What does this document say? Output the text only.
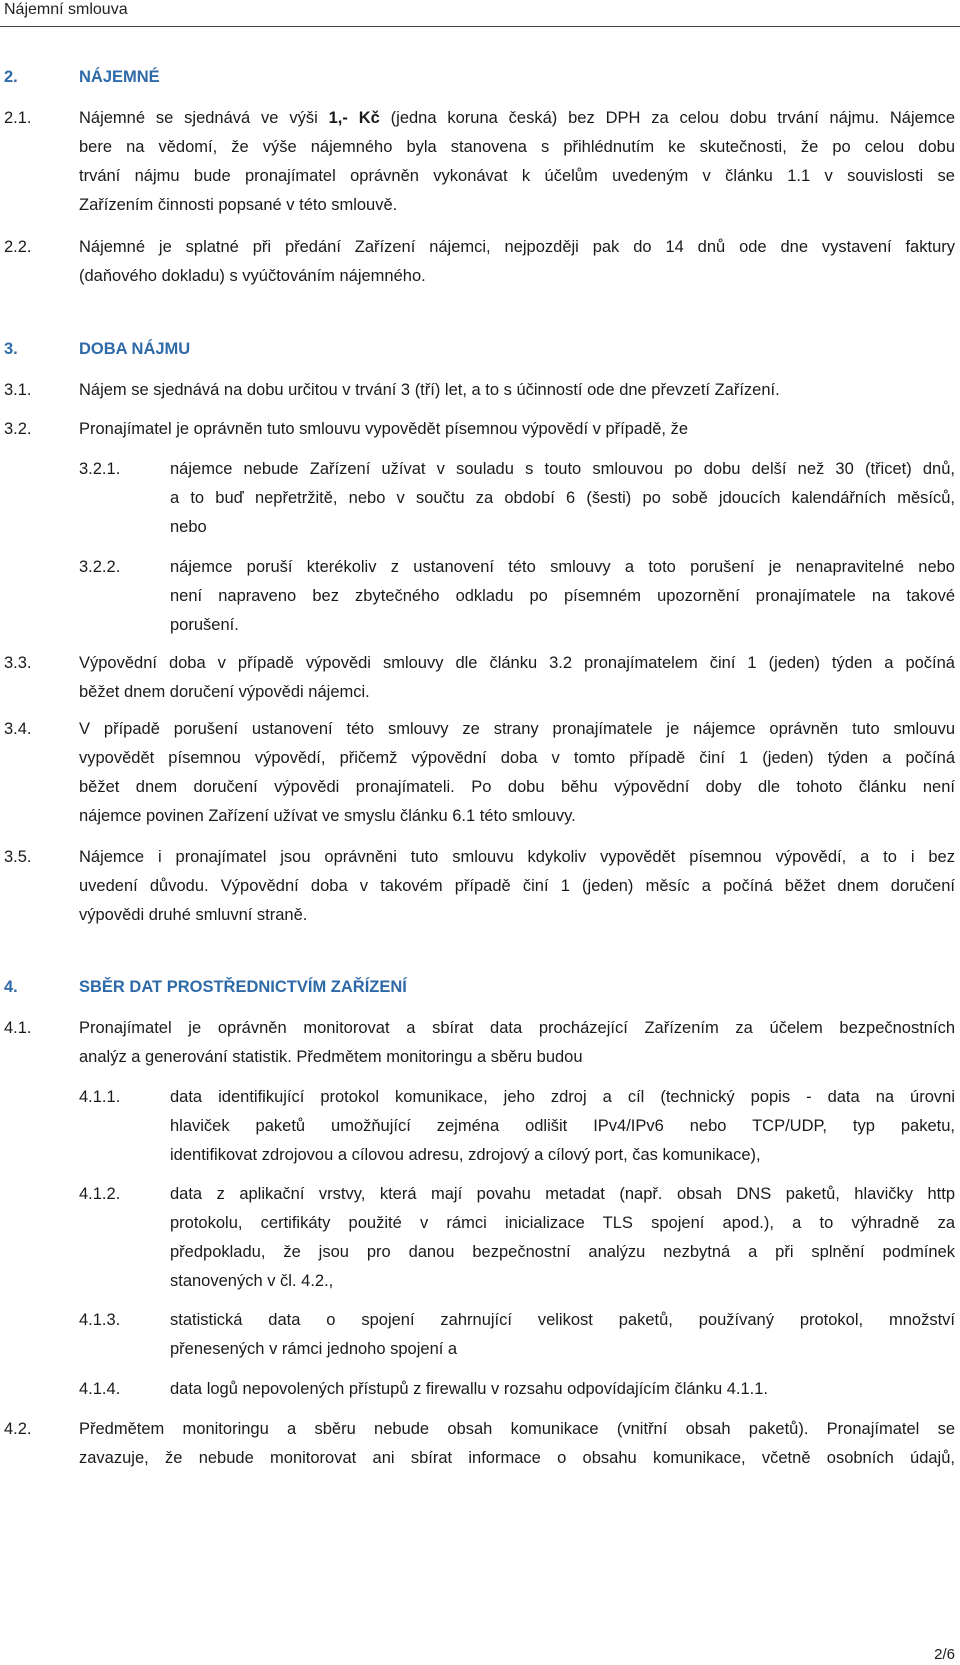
Nájemní smlouva
2.	NÁJEMNÉ
2.1.	Nájemné se sjednává ve výši 1,- Kč (jedna koruna česká) bez DPH za celou dobu trvání nájmu. Nájemce
bere na vědomí, že výše nájemného byla stanovena s přihlédnutím ke skutečnosti, že po celou dobu
trvání nájmu bude pronajímatel oprávněn vykonávat k účelům uvedeným v článku 1.1 v souvislosti se
Zařízením činnosti popsané v této smlouvě.
2.2.	Nájemné je splatné při předání Zařízení nájemci, nejpozději pak do 14 dnů ode dne vystavení faktury
(daňového dokladu) s vyúčtováním nájemného.
3.	DOBA NÁJMU
3.1.	Nájem se sjednává na dobu určitou v trvání 3 (tří) let, a to s účinností ode dne převzetí Zařízení.
3.2.	Pronajímatel je oprávněn tuto smlouvu vypovědět písemnou výpovědí v případě, že
3.2.1.	nájemce nebude Zařízení užívat v souladu s touto smlouvou po dobu delší než 30 (třicet) dnů,
a to buď nepřetržitě, nebo v součtu za období 6 (šesti) po sobě jdoucích kalendářních měsíců,
nebo
3.2.2.	nájemce poruší kterékoliv z ustanovení této smlouvy a toto porušení je nenapravitelné nebo
není napraveno bez zbytečného odkladu po písemném upozornění pronajímatele na takové
porušení.
3.3.	Výpovědní doba v případě výpovědi smlouvy dle článku 3.2 pronajímatelem činí 1 (jeden) týden a počíná
běžet dnem doručení výpovědi nájemci.
3.4.	V případě porušení ustanovení této smlouvy ze strany pronajímatele je nájemce oprávněn tuto smlouvu
vypovědět písemnou výpovědí, přičemž výpovědní doba v tomto případě činí 1 (jeden) týden a počíná
běžet dnem doručení výpovědi pronajímateli. Po dobu běhu výpovědní doby dle tohoto článku není
nájemce povinen Zařízení užívat ve smyslu článku 6.1 této smlouvy.
3.5.	Nájemce i pronajímatel jsou oprávněni tuto smlouvu kdykoliv vypovědět písemnou výpovědí, a to i bez
uvedení důvodu. Výpovědní doba v takovém případě činí 1 (jeden) měsíc a počíná běžet dnem doručení
výpovědi druhé smluvní straně.
4.	SBĚR DAT PROSTŘEDNICTVÍM ZAŘÍZENÍ
4.1.	Pronajímatel je oprávněn monitorovat a sbírat data procházející Zařízením za účelem bezpečnostních
analýz a generování statistik. Předmětem monitoringu a sběru budou
4.1.1.	data identifikující protokol komunikace, jeho zdroj a cíl (technický popis - data na úrovni
hlaviček paketů umožňující zejména odlišit IPv4/IPv6 nebo TCP/UDP, typ paketu,
identifikovat zdrojovou a cílovou adresu, zdrojový a cílový port, čas komunikace),
4.1.2.	data z aplikační vrstvy, která mají povahu metadat (např. obsah DNS paketů, hlavičky http
protokolu, certifikáty použité v rámci inicializace TLS spojení apod.), a to výhradně za
předpokladu, že jsou pro danou bezpečnostní analýzu nezbytná a při splnění podmínek
stanovených v čl. 4.2.,
4.1.3.	statistická data o spojení zahrnující velikost paketů, používaný protokol, množství
přenesených v rámci jednoho spojení a
4.1.4.	data logů nepovolených přístupů z firewallu v rozsahu odpovídajícím článku 4.1.1.
4.2.	Předmětem monitoringu a sběru nebude obsah komunikace (vnitřní obsah paketů). Pronajímatel se
zavazuje, že nebude monitorovat ani sbírat informace o obsahu komunikace, včetně osobních údajů,
2/6
